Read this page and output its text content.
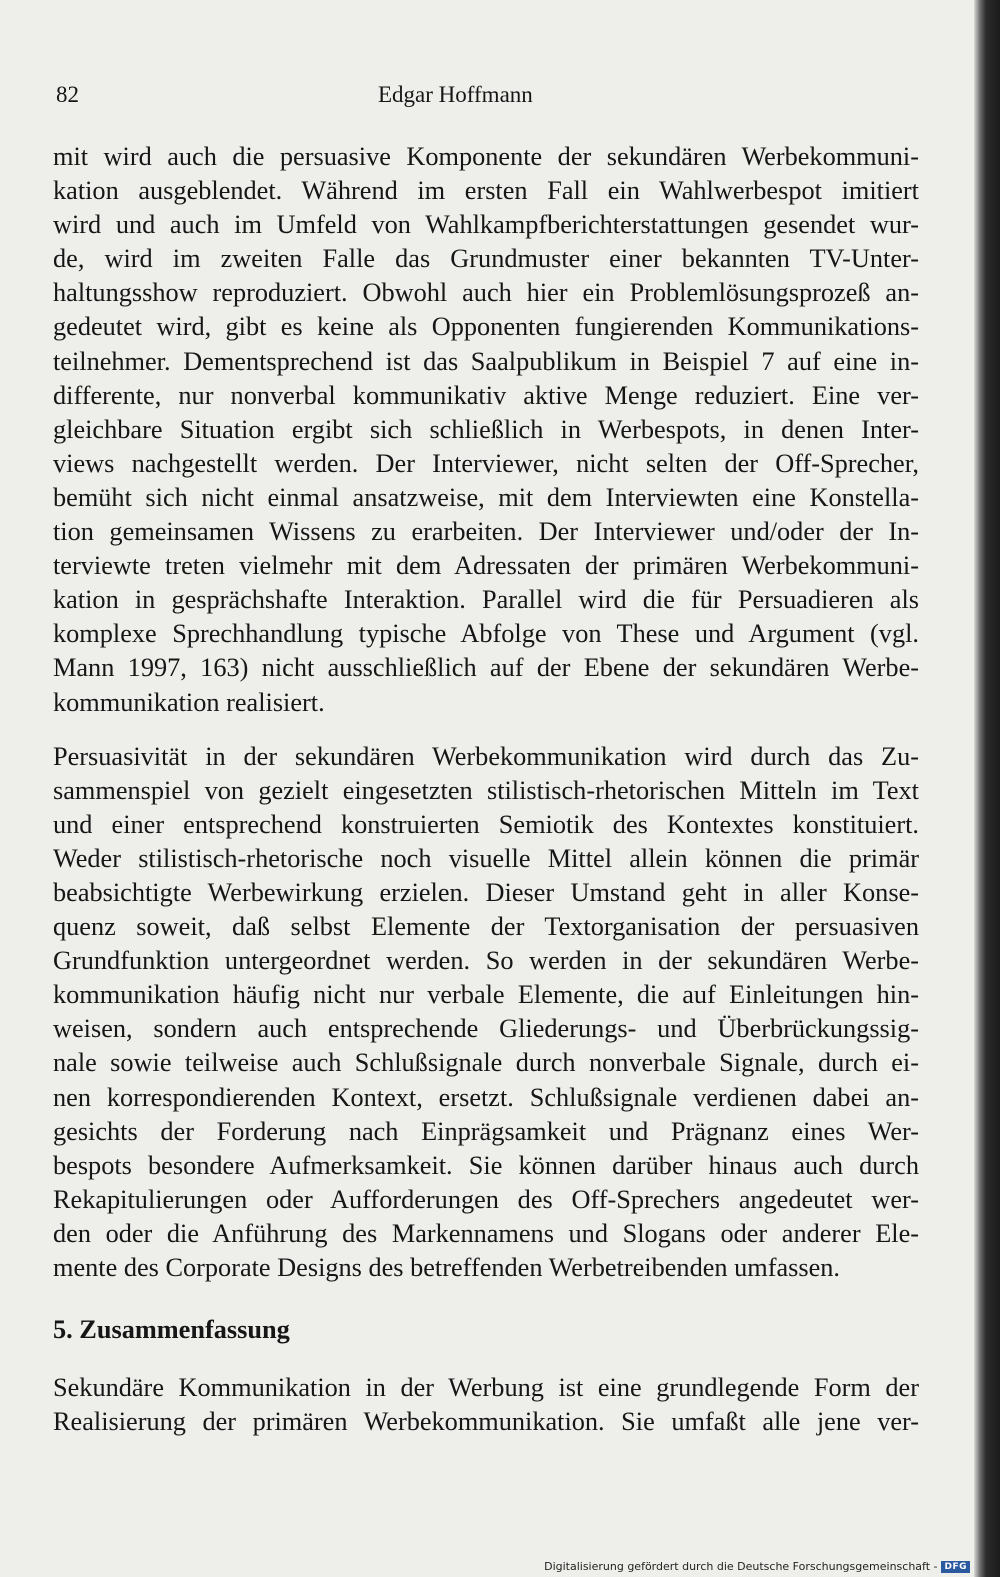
82	Edgar Hoffmann

mit wird auch die persuasive Komponente der sekundären Werbekommuni-
kation ausgeblendet. Während im ersten Fall ein Wahlwerbespot imitiert
wird und auch im Umfeld von Wahlkampfberichterstattungen gesendet wur-
de, wird im zweiten Falle das Grundmuster einer bekannten TV-Unter-
haltungsshow reproduziert. Obwohl auch hier ein Problemlösungsprozeß an-
gedeutet wird, gibt es keine als Opponenten fungierenden Kommunikations-
teilnehmer. Dementsprechend ist das Saalpublikum in Beispiel 7 auf eine in-
differente, nur nonverbal kommunikativ aktive Menge reduziert. Eine ver-
gleichbare Situation ergibt sich schließlich in Werbespots, in denen Inter-
views nachgestellt werden. Der Interviewer, nicht selten der Off-Sprecher,
bemüht sich nicht einmal ansatzweise, mit dem Interviewten eine Konstella-
tion gemeinsamen Wissens zu erarbeiten. Der Interviewer und/oder der In-
terviewte treten vielmehr mit dem Adressaten der primären Werbekommuni-
kation in gesprächshafte Interaktion. Parallel wird die für Persuadieren als
komplexe Sprechhandlung typische Abfolge von These und Argument (vgl.
Mann 1997, 163) nicht ausschließlich auf der Ebene der sekundären Werbe-
kommunikation realisiert.

Persuasivität in der sekundären Werbekommunikation wird durch das Zu-
sammenspiel von gezielt eingesetzten stilistisch-rhetorischen Mitteln im Text
und einer entsprechend konstruierten Semiotik des Kontextes konstituiert.
Weder stilistisch-rhetorische noch visuelle Mittel allein können die primär
beabsichtigte Werbewirkung erzielen. Dieser Umstand geht in aller Konse-
quenz soweit, daß selbst Elemente der Textorganisation der persuasiven
Grundfunktion untergeordnet werden. So werden in der sekundären Werbe-
kommunikation häufig nicht nur verbale Elemente, die auf Einleitungen hin-
weisen, sondern auch entsprechende Gliederungs- und Überbrückungssig-
nale sowie teilweise auch Schlußsignale durch nonverbale Signale, durch ei-
nen korrespondierenden Kontext, ersetzt. Schlußsignale verdienen dabei an-
gesichts der Forderung nach Einprägsamkeit und Prägnanz eines Wer-
bespots besondere Aufmerksamkeit. Sie können darüber hinaus auch durch
Rekapitulierungen oder Aufforderungen des Off-Sprechers angedeutet wer-
den oder die Anführung des Markennamens und Slogans oder anderer Ele-
mente des Corporate Designs des betreffenden Werbetreibenden umfassen.

5. Zusammenfassung

Sekundäre Kommunikation in der Werbung ist eine grundlegende Form der
Realisierung der primären Werbekommunikation. Sie umfaßt alle jene ver-

Digitalisierung gefördert durch die Deutsche Forschungsgemeinschaft - DFG
